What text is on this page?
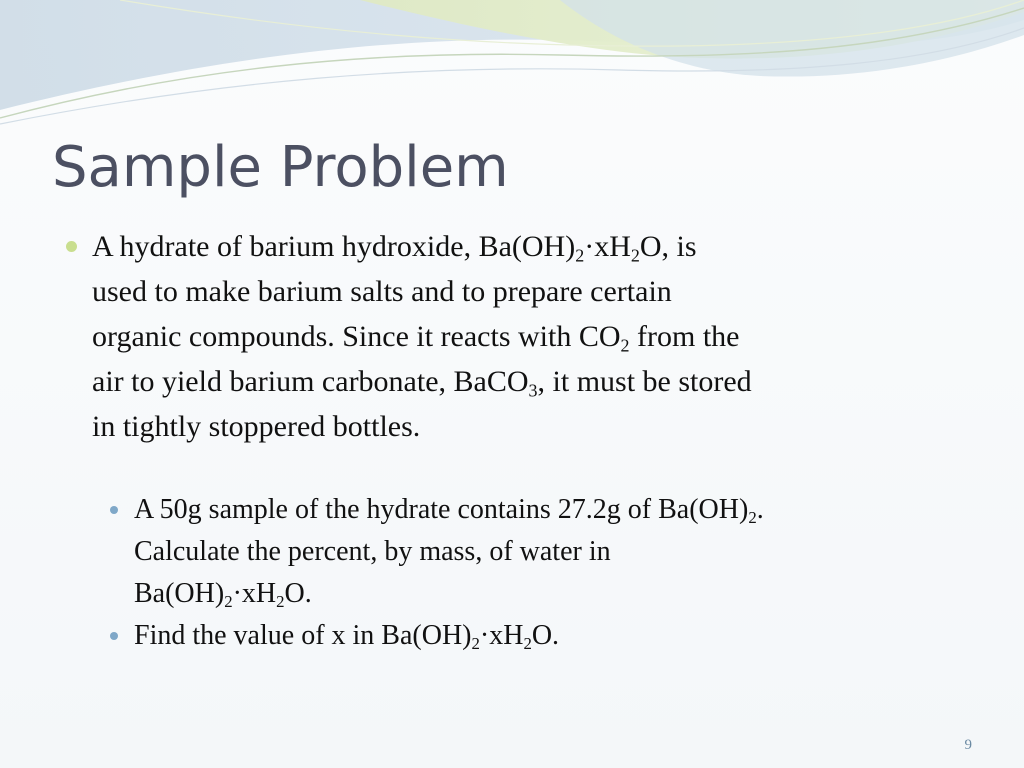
Sample Problem
A hydrate of barium hydroxide, $Ba(OH)_2\cdot xH_2O$, is
used to make barium salts and to prepare certain
organic compounds. Since it reacts with $CO_2$ from the
air to yield barium carbonate, BaCO$_3$, it must be stored
in tightly stoppered bottles.
A 50g sample of the hydrate contains 27.2g of $Ba(OH)_2$.
Calculate the percent, by mass, of water in
$Ba(OH)_2\cdot xH_2O$.
Find the value of x in $Ba(OH)_2\cdot xH_2O$.
9
